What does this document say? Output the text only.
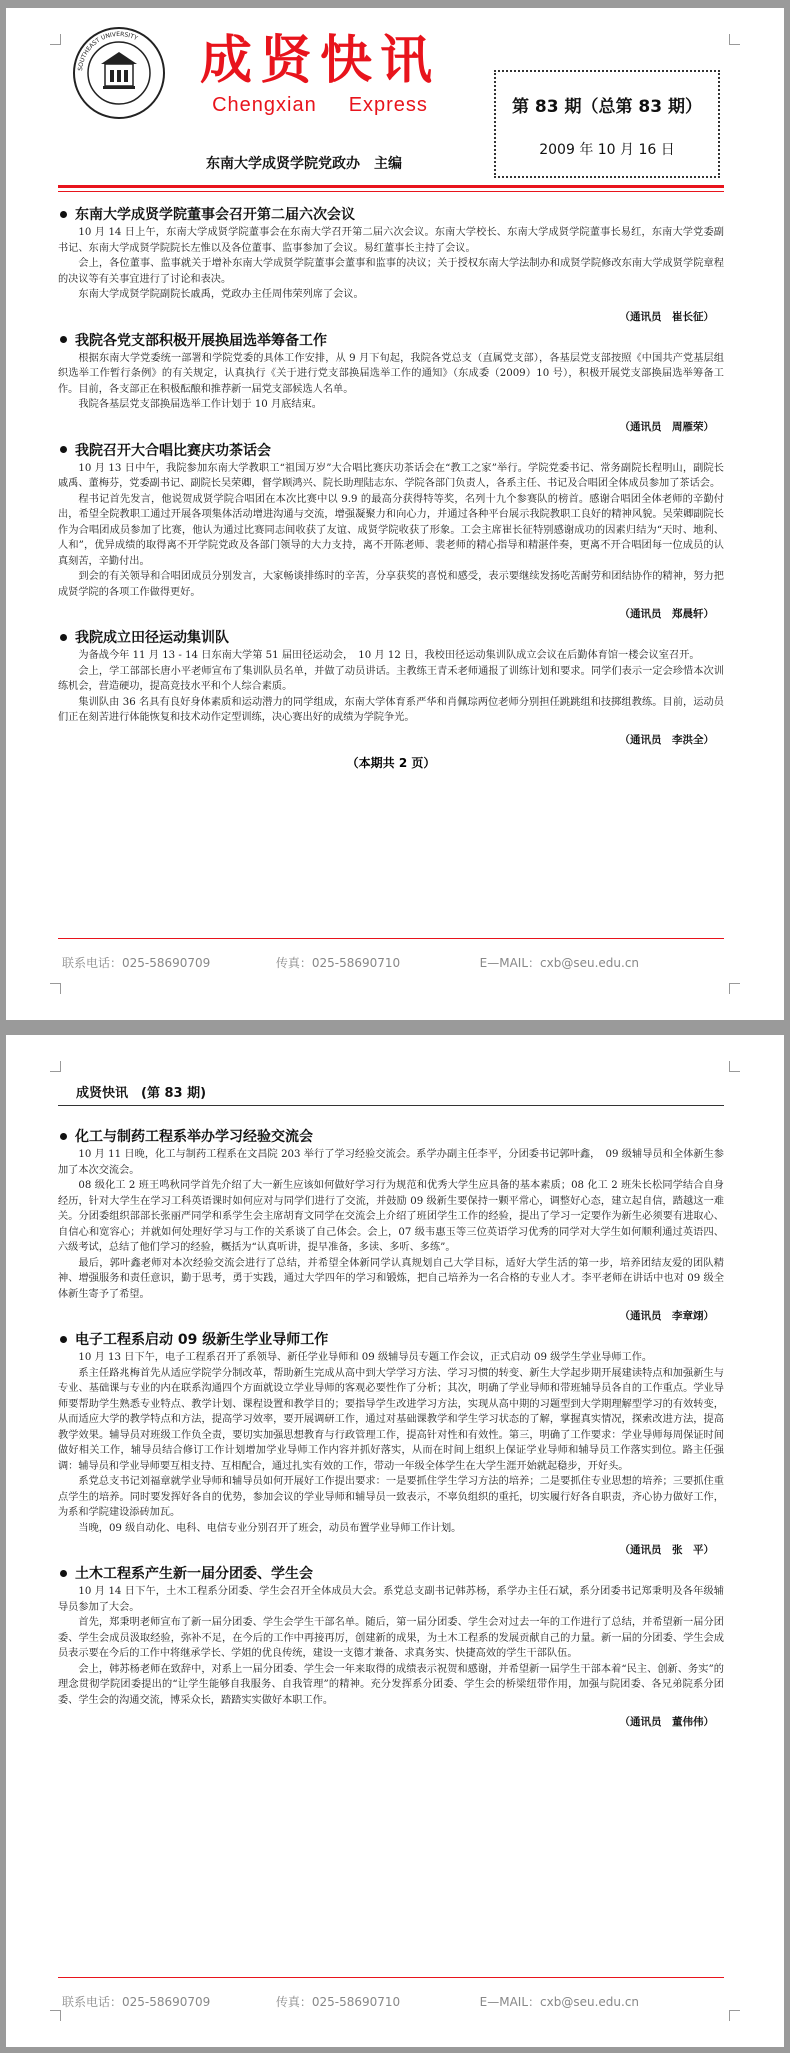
SOUTHEAST UNIVERSITY 成贤快讯
Chengxian Express
东南大学成贤学院党政办　主编
第 83 期（总第 83 期）
2009 年 10 月 16 日
东南大学成贤学院董事会召开第二届六次会议

10 月 14 日上午，东南大学成贤学院董事会在东南大学召开第二届六次会议。东南大学校长、东南大学成贤学院董事长易红，东南大学党委副书记、东南大学成贤学院院长左惟以及各位董事、监事参加了会议。易红董事长主持了会议。

会上，各位董事、监事就关于增补东南大学成贤学院董事会董事和监事的决议；关于授权东南大学法制办和成贤学院修改东南大学成贤学院章程的决议等有关事宜进行了讨论和表决。

东南大学成贤学院副院长戚禹，党政办主任周伟荣列席了会议。

（通讯员　崔长征）

我院各党支部积极开展换届选举筹备工作

根据东南大学党委统一部署和学院党委的具体工作安排，从 9 月下旬起，我院各党总支（直属党支部），各基层党支部按照《中国共产党基层组织选举工作暂行条例》的有关规定，认真执行《关于进行党支部换届选举工作的通知》（东成委（2009）10 号），积极开展党支部换届选举筹备工作。目前，各支部正在积极酝酿和推荐新一届党支部候选人名单。

我院各基层党支部换届选举工作计划于 10 月底结束。

（通讯员　周雁荣）

我院召开大合唱比赛庆功茶话会

10 月 13 日中午，我院参加东南大学教职工“祖国万岁”大合唱比赛庆功茶话会在“教工之家”举行。学院党委书记、常务副院长程明山，副院长戚禹、董梅芬，党委副书记、副院长吴荣卿，督学顾鸿兴、院长助理陆志东、学院各部门负责人，各系主任、书记及合唱团全体成员参加了茶话会。

程书记首先发言，他说贺成贤学院合唱团在本次比赛中以 9.9 的最高分获得特等奖，名列十九个参赛队的榜首。感谢合唱团全体老师的辛勤付出，希望全院教职工通过开展各项集体活动增进沟通与交流，增强凝聚力和向心力，并通过各种平台展示我院教职工良好的精神风貌。吴荣卿副院长作为合唱团成员参加了比赛，他认为通过比赛同志间收获了友谊、成贤学院收获了形象。工会主席崔长征特别感谢成功的因素归结为“天时、地利、人和”，优异成绩的取得离不开学院党政及各部门领导的大力支持，离不开陈老师、裴老师的精心指导和精湛伴奏，更离不开合唱团每一位成员的认真刻苦，辛勤付出。

到会的有关领导和合唱团成员分别发言，大家畅谈排练时的辛苦，分享获奖的喜悦和感受，表示要继续发扬吃苦耐劳和团结协作的精神，努力把成贤学院的各项工作做得更好。

（通讯员　郑晨轩）

我院成立田径运动集训队

为备战今年 11 月 13 - 14 日东南大学第 51 届田径运动会，　10 月 12 日，我校田径运动集训队成立会议在后勤体育馆一楼会议室召开。

会上，学工部部长唐小平老师宣布了集训队员名单，并做了动员讲话。主教练王青禾老师通报了训练计划和要求。同学们表示一定会珍惜本次训练机会，营造硬功，提高竞技水平和个人综合素质。

集训队由 36 名具有良好身体素质和运动潜力的同学组成，东南大学体育系严华和肖佩琮两位老师分别担任跳跳组和技掷组教练。目前，运动员们正在刻苦进行体能恢复和技术动作定型训练，决心赛出好的成绩为学院争光。

（通讯员　李洪全）

（本期共 2 页）
联系电话：025-58690709	传真：025-58690710	E—MAIL：cxb@seu.edu.cn
成贤快讯　(第 83 期)
化工与制药工程系举办学习经验交流会

10 月 11 日晚，化工与制药工程系在文昌院 203 举行了学习经验交流会。系学办副主任李平，分团委书记郭叶鑫，　09 级辅导员和全体新生参加了本次交流会。

08 级化工 2 班王鸣秋同学首先介绍了大一新生应该如何做好学习行为规范和优秀大学生应具备的基本素质；08 化工 2 班朱长松同学结合自身经历，针对大学生在学习工科英语课时如何应对与同学们进行了交流，并鼓励 09 级新生要保持一颗平常心，调整好心态，建立起自信，踏越这一难关。分团委组织部部长张丽严同学和系学生会主席胡育文同学在交流会上介绍了班团学生工作的经验，提出了学习一定要作为新生必须要有进取心、自信心和宽容心；并就如何处理好学习与工作的关系谈了自己体会。会上，07 级韦惠玉等三位英语学习优秀的同学对大学生如何顺利通过英语四、六级考试，总结了他们学习的经验，概括为“认真听讲，提早准备，多读、多听、多练”。

最后，郭叶鑫老师对本次经验交流会进行了总结，并希望全体新同学认真规划自己大学目标，适好大学生活的第一步，培养团结友爱的团队精神、增强服务和责任意识，勤于思考，勇于实践，通过大学四年的学习和锻炼，把自己培养为一名合格的专业人才。李平老师在讲话中也对 09 级全体新生寄予了希望。

（通讯员　李章翊）

电子工程系启动 09 级新生学业导师工作

10 月 13 日下午，电子工程系召开了系领导、新任学业导师和 09 级辅导员专题工作会议，正式启动 09 级学生学业导师工作。

系主任路兆梅首先从适应学院学分制改革，帮助新生完成从高中到大学学习方法、学习习惯的转变、新生大学起步期开展建读特点和加强新生与专业、基础课与专业的内在联系沟通四个方面就设立学业导师的客观必要性作了分析；其次，明确了学业导师和带班辅导员各自的工作重点。学业导师要帮助学生熟悉专业特点、教学计划、课程设置和教学目的；要指导学生改进学习方法，实现从高中期的习题型到大学期理解型学习的有效转变，从而适应大学的教学特点和方法，提高学习效率，要开展调研工作，通过对基础课教学和学生学习状态的了解，掌握真实情况，探索改进方法，提高教学效果。辅导员对班级工作负全责，要切实加强思想教育与行政管理工作，提高针对性和有效性。第三，明确了工作要求：学业导师每周保证时间做好相关工作，辅导员结合修订工作计划增加学业导师工作内容并抓好落实，从而在时间上组织上保证学业导师和辅导员工作落实到位。路主任强调：辅导员和学业导师要互相支持、互相配合，通过扎实有效的工作，带动一年级全体学生在大学生涯开始就起稳步，开好头。

系党总支书记刘福章就学业导师和辅导员如何开展好工作提出要求：一是要抓住学生学习方法的培养；二是要抓住专业思想的培养；三要抓住重点学生的培养。同时要发挥好各自的优势，参加会议的学业导师和辅导员一致表示，不辜负组织的重托，切实履行好各自职责，齐心协力做好工作，为系和学院建设添砖加瓦。

当晚，09 级自动化、电科、电信专业分别召开了班会，动员布置学业导师工作计划。

（通讯员　张　平）

土木工程系产生新一届分团委、学生会

10 月 14 日下午，土木工程系分团委、学生会召开全体成员大会。系党总支副书记韩苏杨，系学办主任石斌，系分团委书记郑秉明及各年级辅导员参加了大会。

首先，郑秉明老师宣布了新一届分团委、学生会学生干部名单。随后，第一届分团委、学生会对过去一年的工作进行了总结，并希望新一届分团委、学生会成员汲取经验，弥补不足，在今后的工作中再接再厉，创建新的成果，为土木工程系的发展贡献自己的力量。新一届的分团委、学生会成员表示要在今后的工作中将继承学长、学姐的优良传统，建设一支德才兼备、求真务实、快捷高效的学生干部队伍。

会上，韩苏杨老师在致辞中，对系上一届分团委、学生会一年来取得的成绩表示祝贺和感谢，并希望新一届学生干部本着“民主、创新、务实”的理念贯彻学院团委提出的“让学生能够自我服务、自我管理”的精神。充分发挥系分团委、学生会的桥梁纽带作用，加强与院团委、各兄弟院系分团委、学生会的沟通交流，博采众长，踏踏实实做好本职工作。

（通讯员　董伟伟）

联系电话：025-58690709	传真：025-58690710	E—MAIL：cxb@seu.edu.cn
